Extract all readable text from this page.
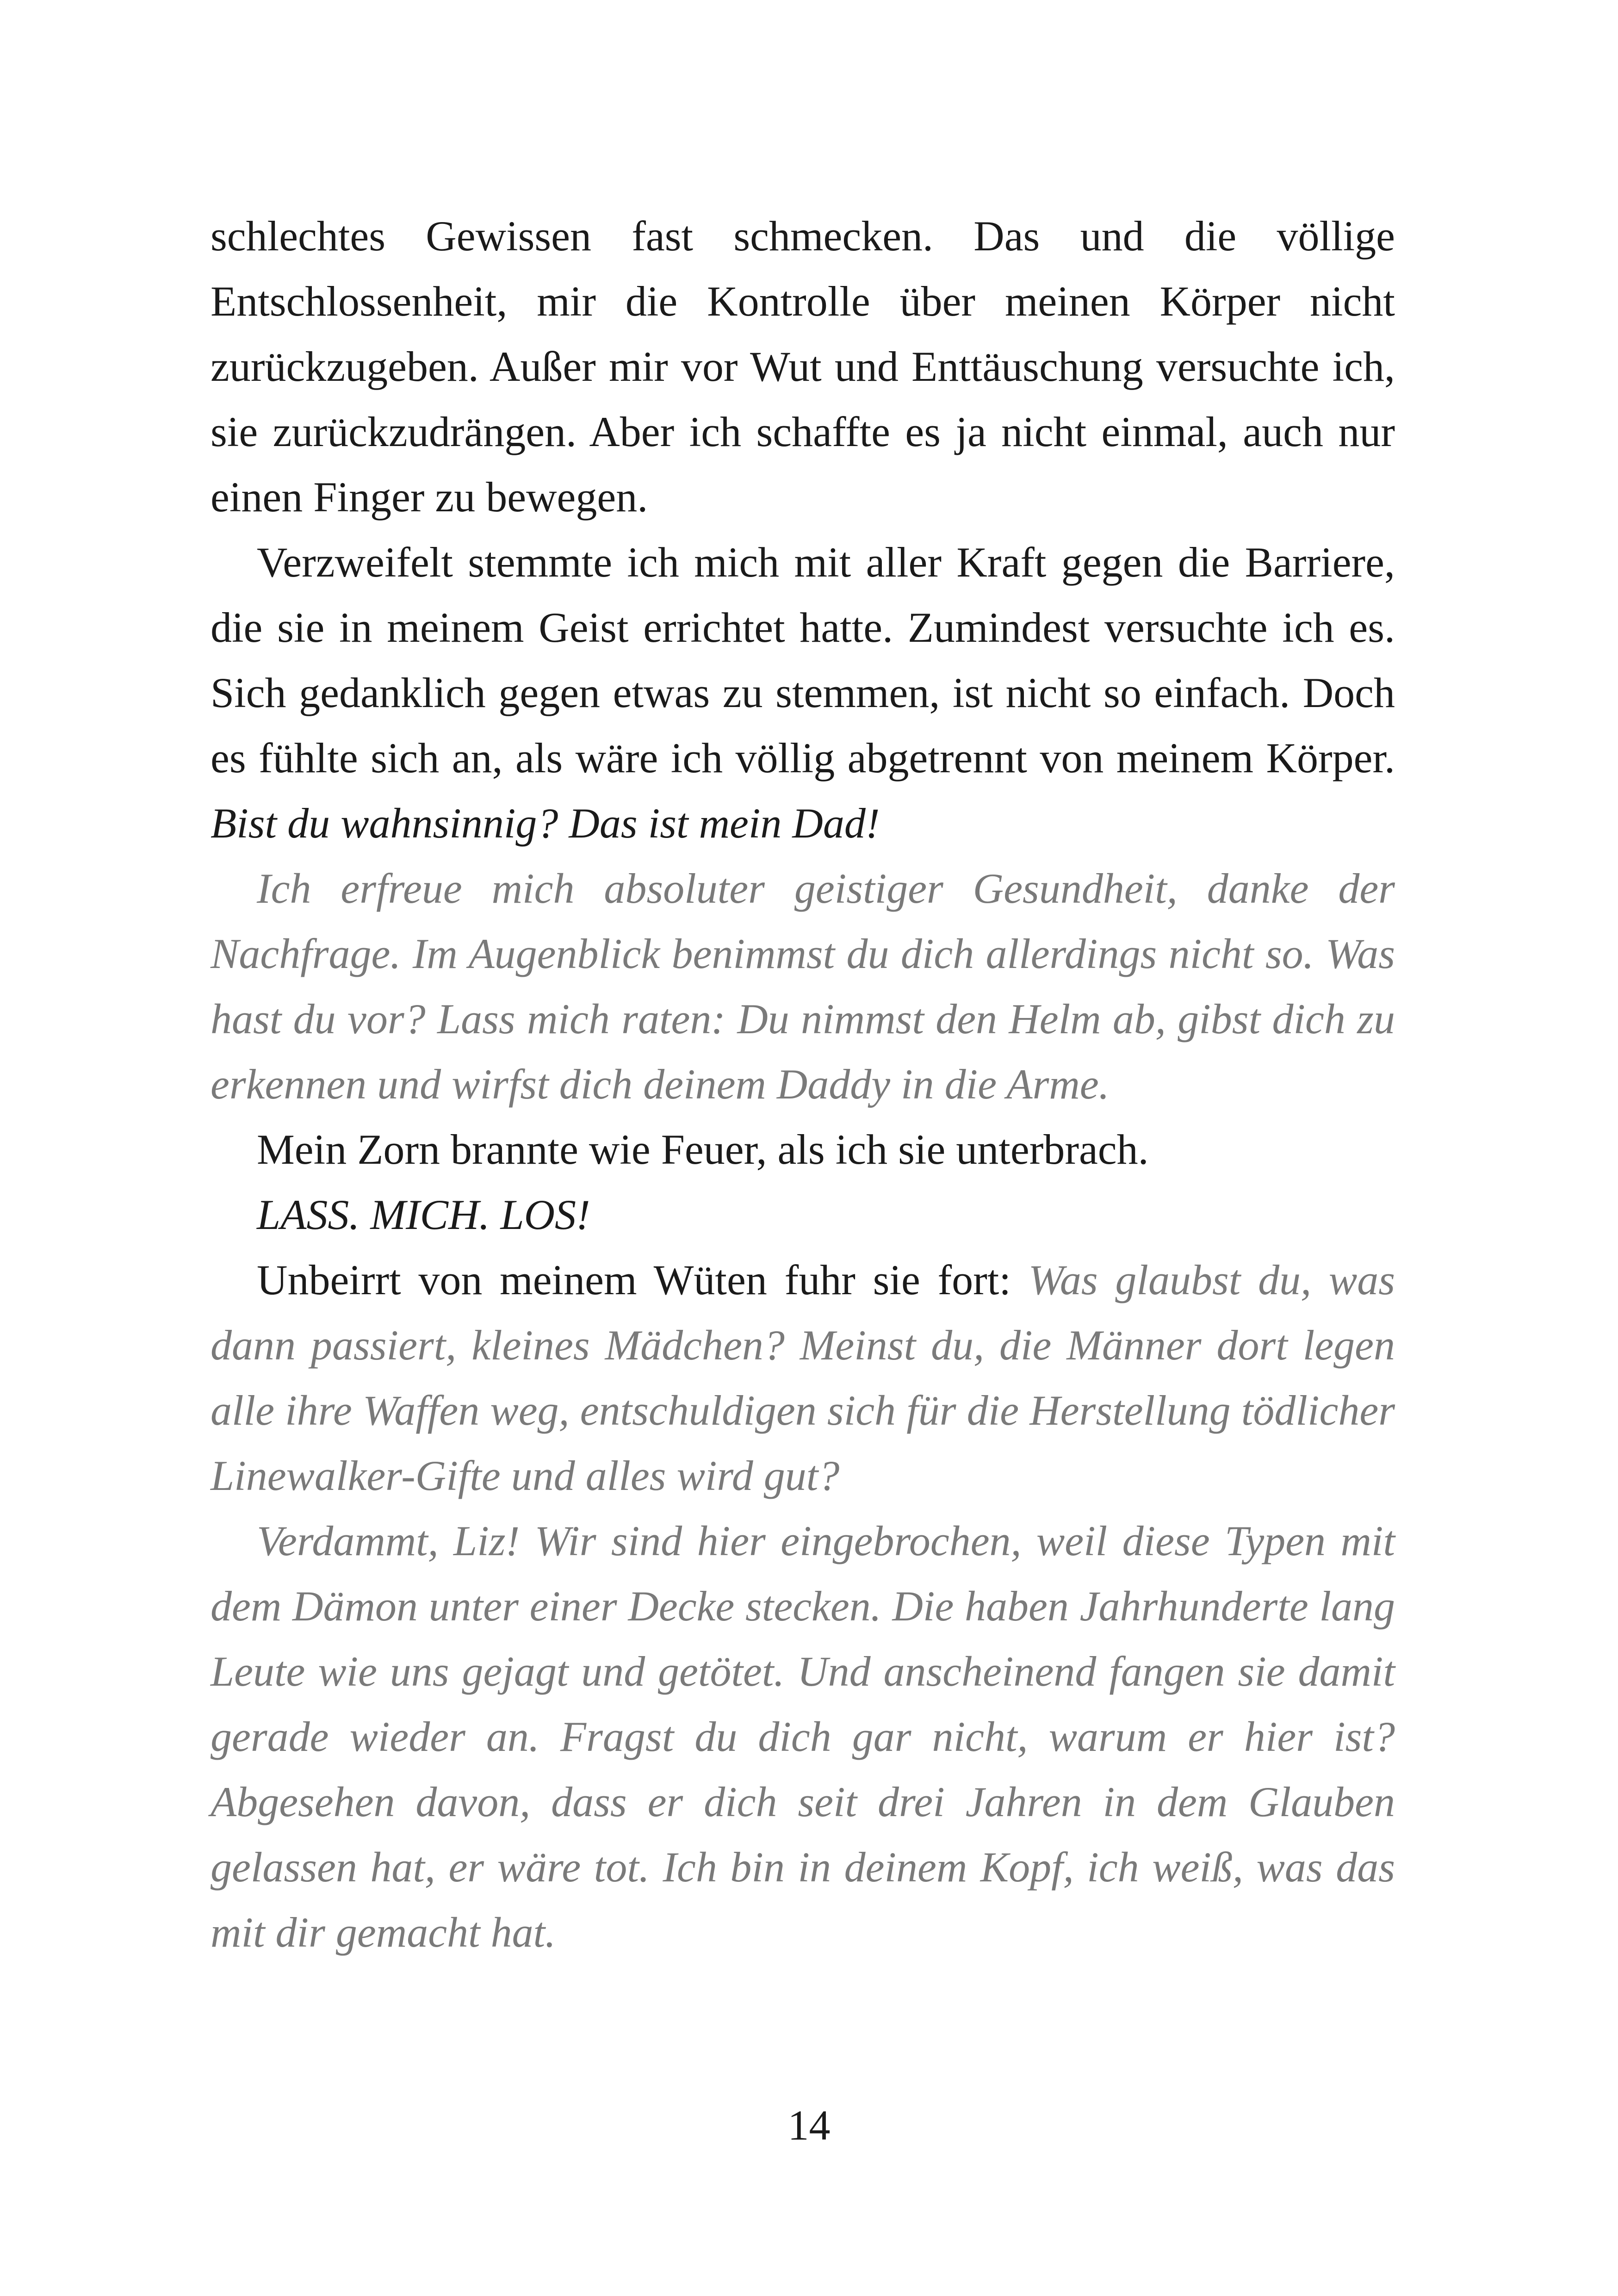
schlechtes Gewissen fast schmecken. Das und die völlige Entschlossenheit, mir die Kontrolle über meinen Körper nicht zurückzugeben. Außer mir vor Wut und Enttäuschung versuchte ich, sie zurückzudrängen. Aber ich schaffte es ja nicht einmal, auch nur einen Finger zu bewegen.

Verzweifelt stemmte ich mich mit aller Kraft gegen die Barriere, die sie in meinem Geist errichtet hatte. Zumindest versuchte ich es. Sich gedanklich gegen etwas zu stemmen, ist nicht so einfach. Doch es fühlte sich an, als wäre ich völlig abgetrennt von meinem Körper. Bist du wahnsinnig? Das ist mein Dad!

Ich erfreue mich absoluter geistiger Gesundheit, danke der Nachfrage. Im Augenblick benimmst du dich allerdings nicht so. Was hast du vor? Lass mich raten: Du nimmst den Helm ab, gibst dich zu erkennen und wirfst dich deinem Daddy in die Arme.

Mein Zorn brannte wie Feuer, als ich sie unterbrach.

LASS. MICH. LOS!

Unbeirrt von meinem Wüten fuhr sie fort: Was glaubst du, was dann passiert, kleines Mädchen? Meinst du, die Männer dort legen alle ihre Waffen weg, entschuldigen sich für die Herstellung tödlicher Linewalker-Gifte und alles wird gut?

Verdammt, Liz! Wir sind hier eingebrochen, weil diese Typen mit dem Dämon unter einer Decke stecken. Die haben Jahrhunderte lang Leute wie uns gejagt und getötet. Und anscheinend fangen sie damit gerade wieder an. Fragst du dich gar nicht, warum er hier ist? Abgesehen davon, dass er dich seit drei Jahren in dem Glauben gelassen hat, er wäre tot. Ich bin in deinem Kopf, ich weiß, was das mit dir gemacht hat.

14
